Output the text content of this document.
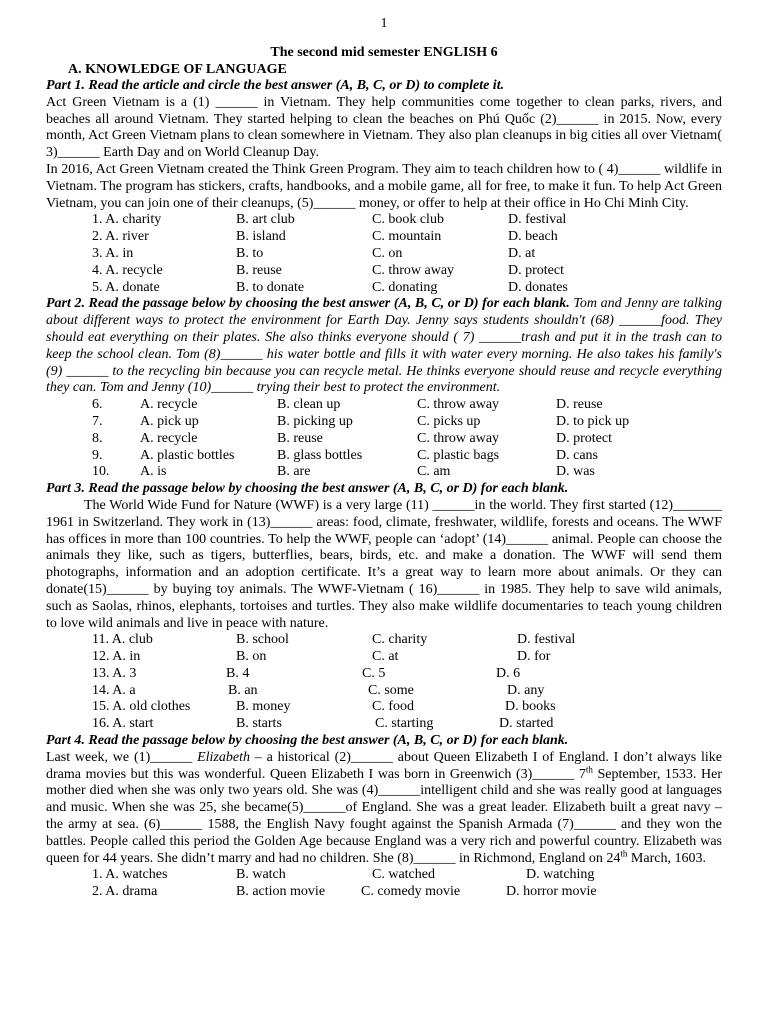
1
The second mid semester ENGLISH 6
A. KNOWLEDGE OF LANGUAGE
Part 1. Read the article and circle the best answer (A, B, C, or D) to complete it.

Act Green Vietnam is a (1) ______ in Vietnam. They help communities come together to clean parks, rivers, and beaches all around Vietnam. They started helping to clean the beaches on Phú Quốc (2)______ in 2015. Now, every month, Act Green Vietnam plans to clean somewhere in Vietnam. They also plan cleanups in big cities all over Vietnam( 3)______ Earth Day and on World Cleanup Day.

In 2016, Act Green Vietnam created the Think Green Program. They aim to teach children how to ( 4)______ wildlife in Vietnam. The program has stickers, crafts, handbooks, and a mobile game, all for free, to make it fun. To help Act Green Vietnam, you can join one of their cleanups, (5)______ money, or offer to help at their office in Ho Chi Minh City.

1. A. charity	B. art club	C. book club	D. festival
2. A. river	B. island	C. mountain	D. beach
3. A. in	B. to	C. on	D. at
4. A. recycle	B. reuse	C. throw away	D. protect
5. A. donate	B. to donate	C. donating	D. donates

Part 2. Read the passage below by choosing the best answer (A, B, C, or D) for each blank. Tom and Jenny are talking about different ways to protect the environment for Earth Day. Jenny says students shouldn't (68) ______food. They should eat everything on their plates. She also thinks everyone should ( 7) ______trash and put it in the trash can to keep the school clean. Tom (8)______ his water bottle and fills it with water every morning. He also takes his family's (9) ______ to the recycling bin because you can recycle metal. He thinks everyone should reuse and recycle everything they can. Tom and Jenny (10)______ trying their best to protect the environment.

6.	A. recycle	B. clean up	C. throw away	D. reuse
7.	A. pick up	B. picking up	C. picks up	D. to pick up
8.	A. recycle	B. reuse	C. throw away	D. protect
9.	A. plastic bottles	B. glass bottles	C. plastic bags	D. cans
10.	A. is	B. are	C. am	D. was
Part 3. Read the passage below by choosing the best answer (A, B, C, or D) for each blank.

The World Wide Fund for Nature (WWF) is a very large (11) ______in the world. They first started (12)_______ 1961 in Switzerland. They work in (13)______ areas: food, climate, freshwater, wildlife, forests and oceans. The WWF has offices in more than 100 countries. To help the WWF, people can ‘adopt’ (14)______ animal. People can choose the animals they like, such as tigers, butterflies, bears, birds, etc. and make a donation. The WWF will send them photographs, information and an adoption certificate. It’s a great way to learn more about animals. Or they can donate(15)______ by buying toy animals. The WWF-Vietnam ( 16)______ in 1985. They help to save wild animals, such as Saolas, rhinos, elephants, tortoises and turtles. They also make wildlife documentaries to teach young children to love wild animals and live in peace with nature.

11. A. club	B. school	C. charity	D. festival
12. A. in	B. on	C. at	D. for
13. A. 3	B. 4	C. 5	D. 6
14. A. a	B. an	C. some	D. any
15. A. old clothes	B. money	C. food	D. books
16. A. start	B. starts	C. starting	D. started
Part 4. Read the passage below by choosing the best answer (A, B, C, or D) for each blank.

Last week, we (1)______ Elizabeth – a historical (2)______ about Queen Elizabeth I of England. I don’t always like drama movies but this was wonderful. Queen Elizabeth I was born in Greenwich (3)______ 7th September, 1533. Her mother died when she was only two years old. She was (4)______intelligent child and she was really good at languages and music. When she was 25, she became(5)______of England. She was a great leader. Elizabeth built a great navy – the army at sea. (6)______ 1588, the English Navy fought against the Spanish Armada (7)______ and they won the battles. People called this period the Golden Age because England was a very rich and powerful country. Elizabeth was queen for 44 years. She didn’t marry and had no children. She (8)______ in Richmond, England on 24th March, 1603.

1. A. watches	B. watch	C. watched	D. watching
2. A. drama	B. action movie	C. comedy movie	D. horror movie
